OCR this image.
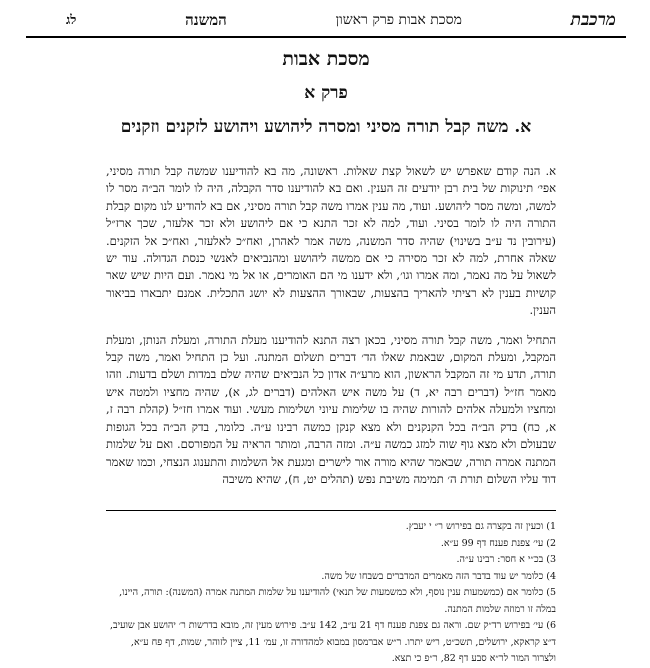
מרכבת
מסכת אבות פרק ראשון
המשנה
לג
מסכת אבות
פרק א
א. משה קבל תורה מסיני ומסרה ליהושע ויהושע לזקנים וזקנים

א. הנה קודם שאפרש יש לשאול קצת שאלות. ראשונה, מה בא להודיענו שמשה קבל תורה מסיני, אפי׳ תינוקות של בית רבן יודעים זה הענין. ואם בא להודיענו סדר הקבלה, היה לו לומר הב״ה מסר לו למשה, ומשה מסר ליהושע. ועוד, מה ענין אמרו משה קבל תורה מסיני, אם בא להודיע לנו מקום קבלת התורה היה לו לומר בסיני. ועוד, למה לא זכר התנא כי אם ליהושע ולא זכר אלעזר, שכך ארז״ל (עירובין נד ע״ב בשינוי) שהיה סדר המשנה, משה אמר לאהרן, ואח״כ לאלעזר, ואח״כ אל הזקנים. שאלה אחרת, למה לא זכר מסירה כי אם ממשה ליהושע ומהנביאים לאנשי כנסת הגדולה. עוד יש לשאול על מה נאמר, ומה אמרו וגו׳, ולא ידענו מי הם האומרים, או אל מי נאמר. ועם היות שיש שאר קושיות בענין לא רציתי להאריך בהצעות, שבאורך ההצעות לא יושג התכלית. אמנם יתבארו בביאור הענין.

התחיל ואמר, משה קבל תורה מסיני, בכאן רצה התנא להודיענו מעלת התורה, ומעלת הנותן, ומעלת המקבל, ומעלת המקום, שבאמת שאלו הד׳ דברים תשלום המתנה. ועל כן התחיל ואמר, משה קבל תורה, תדע מי זה המקבל הראשון, הוא מרע״ה אדון כל הנביאים שהיה שלם במדות ושלם בדעות. וזהו מאמר חז״ל (דברים רבה יא, ד) על משה איש האלהים (דברים לג, א), שהיה מחציו ולמטה איש ומחציו ולמעלה אלהים להורות שהיה בו שלימות עיוני ושלימות מעשי. ועוד אמרו חז״ל (קהלת רבה ז, א, כח) בדק הב״ה בכל הקנקנים ולא מצא קנקן כמשה רבינו ע״ה. כלומר, בדק הב״ה בכל הגופות שבעולם ולא מצא גוף שוה למזג כמשה ע״ה. ומזה הרבה, ומותר הראיה על המפורסם. ואם על שלמות המתנה אמרה תורה, שבאמר שהיא מורה אור לישרים ומגעת אל השלמות והתענוג הנצחי, וכמו שאמר דוד עליו השלום תורת ה׳ תמימה משיבת נפש (תהלים יט, ח), שהיא משיבה

1) וכעין זה בקצרה גם בפירוש ר״ י יעבץ.

2) עי׳ צפנת פענח דף 99 ע״א.

3) בכ״י א חסר: רבינו ע״ה.

4) כלומר יש עוד בדבר הזה מאמרים המדברים בשבחו של משה.

5) כלומר אם (כמשמעות ענין נוסף, ולא כמשמעות של תנאי) להודיענו על שלמות המתנה אמרה (המשנה): תורה, היינו, במלה זו רמוזה שלמות המתנה.

6) עי׳ בפירוש רד״ק שם. וראה גם צפנת פענח דף 21 ע״ב, 142 ע״ב. פירוש מעין זה, מובא בדרשות ר׳ יהושע אבן שועיב, ד״צ קראקא, ירושלים, תשכ״ט, ריש יתרו. ר״ש אברמסון במבוא למהדורה זו, עמ׳ 11, ציין לזוהר, שמות, דף פח ע״א, ולצרור המור לר״א סבע דף 82, ר״פ כי תצא.
